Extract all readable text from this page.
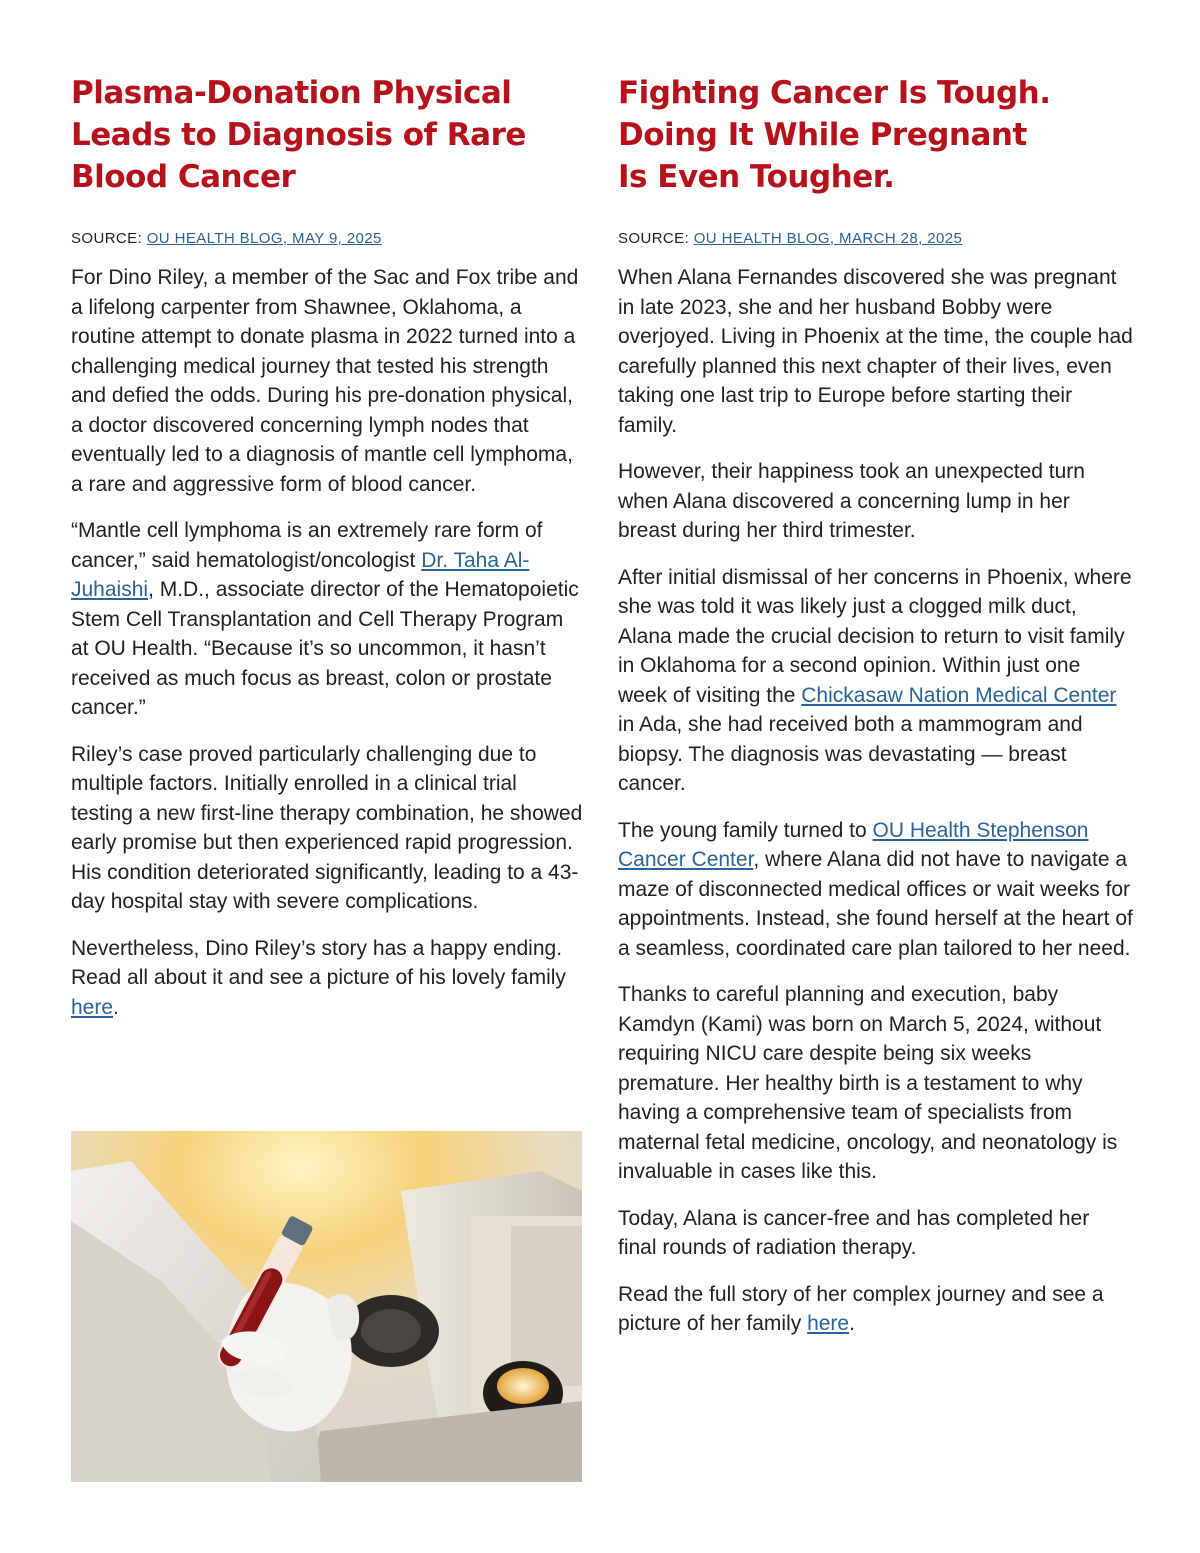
Plasma-Donation Physical
Leads to Diagnosis of Rare
Blood Cancer
SOURCE: OU HEALTH BLOG, MAY 9, 2025

For Dino Riley, a member of the Sac and Fox tribe and a lifelong carpenter from Shawnee, Oklahoma, a routine attempt to donate plasma in 2022 turned into a challenging medical journey that tested his strength and defied the odds. During his pre-donation physical, a doctor discovered concerning lymph nodes that eventually led to a diagnosis of mantle cell lymphoma, a rare and aggressive form of blood cancer.

“Mantle cell lymphoma is an extremely rare form of cancer,” said hematologist/oncologist Dr. Taha Al-Juhaishi, M.D., associate director of the Hematopoietic Stem Cell Transplantation and Cell Therapy Program at OU Health. “Because it’s so uncommon, it hasn’t received as much focus as breast, colon or prostate cancer.”

Riley’s case proved particularly challenging due to multiple factors. Initially enrolled in a clinical trial testing a new first-line therapy combination, he showed early promise but then experienced rapid progression. His condition deteriorated significantly, leading to a 43-day hospital stay with severe complications.

Nevertheless, Dino Riley’s story has a happy ending. Read all about it and see a picture of his lovely family here.

Fighting Cancer Is Tough.
Doing It While Pregnant
Is Even Tougher.
SOURCE: OU HEALTH BLOG, MARCH 28, 2025

When Alana Fernandes discovered she was pregnant in late 2023, she and her husband Bobby were overjoyed. Living in Phoenix at the time, the couple had carefully planned this next chapter of their lives, even taking one last trip to Europe before starting their family.

However, their happiness took an unexpected turn when Alana discovered a concerning lump in her breast during her third trimester.

After initial dismissal of her concerns in Phoenix, where she was told it was likely just a clogged milk duct, Alana made the crucial decision to return to visit family in Oklahoma for a second opinion. Within just one week of visiting the Chickasaw Nation Medical Center in Ada, she had received both a mammogram and biopsy. The diagnosis was devastating — breast cancer.

The young family turned to OU Health Stephenson Cancer Center, where Alana did not have to navigate a maze of disconnected medical offices or wait weeks for appointments. Instead, she found herself at the heart of a seamless, coordinated care plan tailored to her need.

Thanks to careful planning and execution, baby Kamdyn (Kami) was born on March 5, 2024, without requiring NICU care despite being six weeks premature. Her healthy birth is a testament to why having a comprehensive team of specialists from maternal fetal medicine, oncology, and neonatology is invaluable in cases like this.

Today, Alana is cancer-free and has completed her final rounds of radiation therapy.

Read the full story of her complex journey and see a picture of her family here.
